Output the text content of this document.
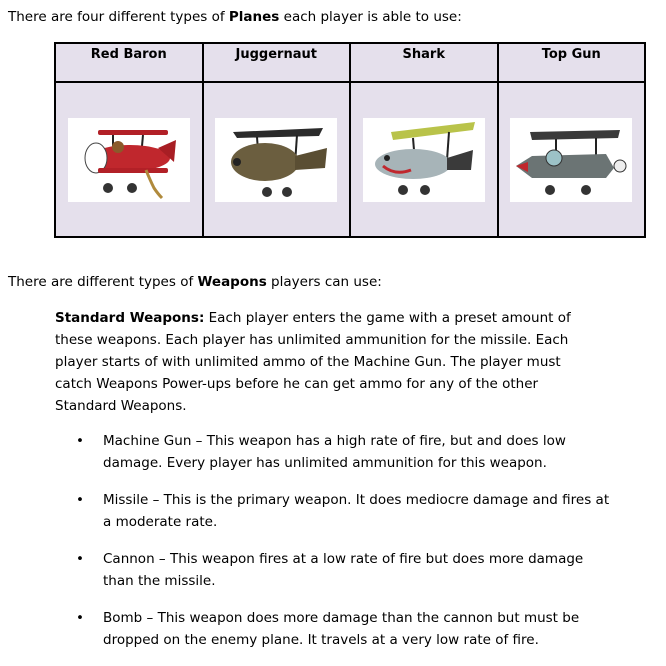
There are four different types of Planes each player is able to use:

Red Baron	Juggernaut	Shark	Top Gun

There are different types of Weapons players can use:

Standard Weapons: Each player enters the game with a preset amount of these weapons. Each player has unlimited ammunition for the missile. Each player starts of with unlimited ammo of the Machine Gun. The player must catch Weapons Power-ups before he can get ammo for any of the other Standard Weapons.

• Machine Gun – This weapon has a high rate of fire, but and does low damage. Every player has unlimited ammunition for this weapon.
• Missile – This is the primary weapon. It does mediocre damage and fires at a moderate rate.
• Cannon – This weapon fires at a low rate of fire but does more damage than the missile.
• Bomb – This weapon does more damage than the cannon but must be dropped on the enemy plane. It travels at a very low rate of fire.
